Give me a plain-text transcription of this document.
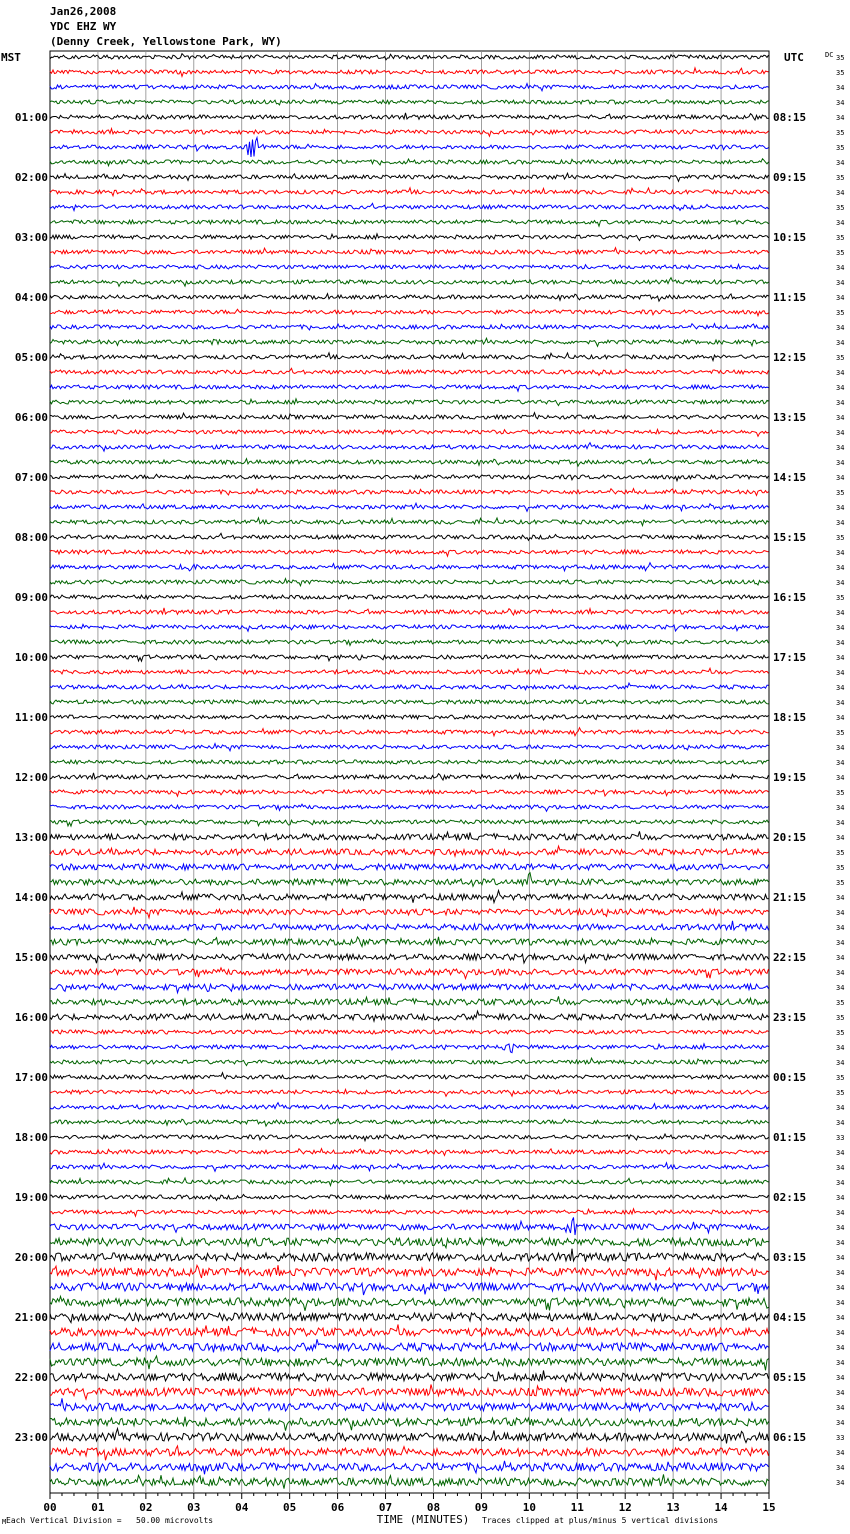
Jan26,2008
YDC EHZ WY
(Denny Creek, Yellowstone Park, WY)
MST	UTC	DC
01:00
02:00
03:00
04:00
05:00
06:00
07:00
08:00
09:00
10:00
11:00
12:00
13:00
14:00
15:00
16:00
17:00
18:00
19:00
20:00
21:00
22:00
23:00
08:15
09:15
10:15
11:15
12:15
13:15
14:15
15:15
16:15
17:15
18:15
19:15
20:15
21:15
22:15
23:15
00:15
01:15
02:15
03:15
04:15
05:15
06:15
35
35
34
34
34
35
35
34
35
34
35
34
35
35
34
34
34
35
34
34
35
34
34
34
34
34
34
34
34
35
34
34
35
34
34
34
35
34
34
34
34
34
34
34
34
35
34
34
34
35
34
34
34
35
35
35
34
34
34
34
34
34
34
35
35
35
34
34
35
35
34
34
33
34
34
34
34
34
34
34
34
34
34
34
34
34
34
34
34
34
34
34
33
34
34
34
00	01	02	03	04	05	06	07	08	09	10	11	12	13	14	15
TIME (MINUTES)
M Each Vertical Division =   50.00 microvolts	Traces clipped at plus/minus 5 vertical divisions
